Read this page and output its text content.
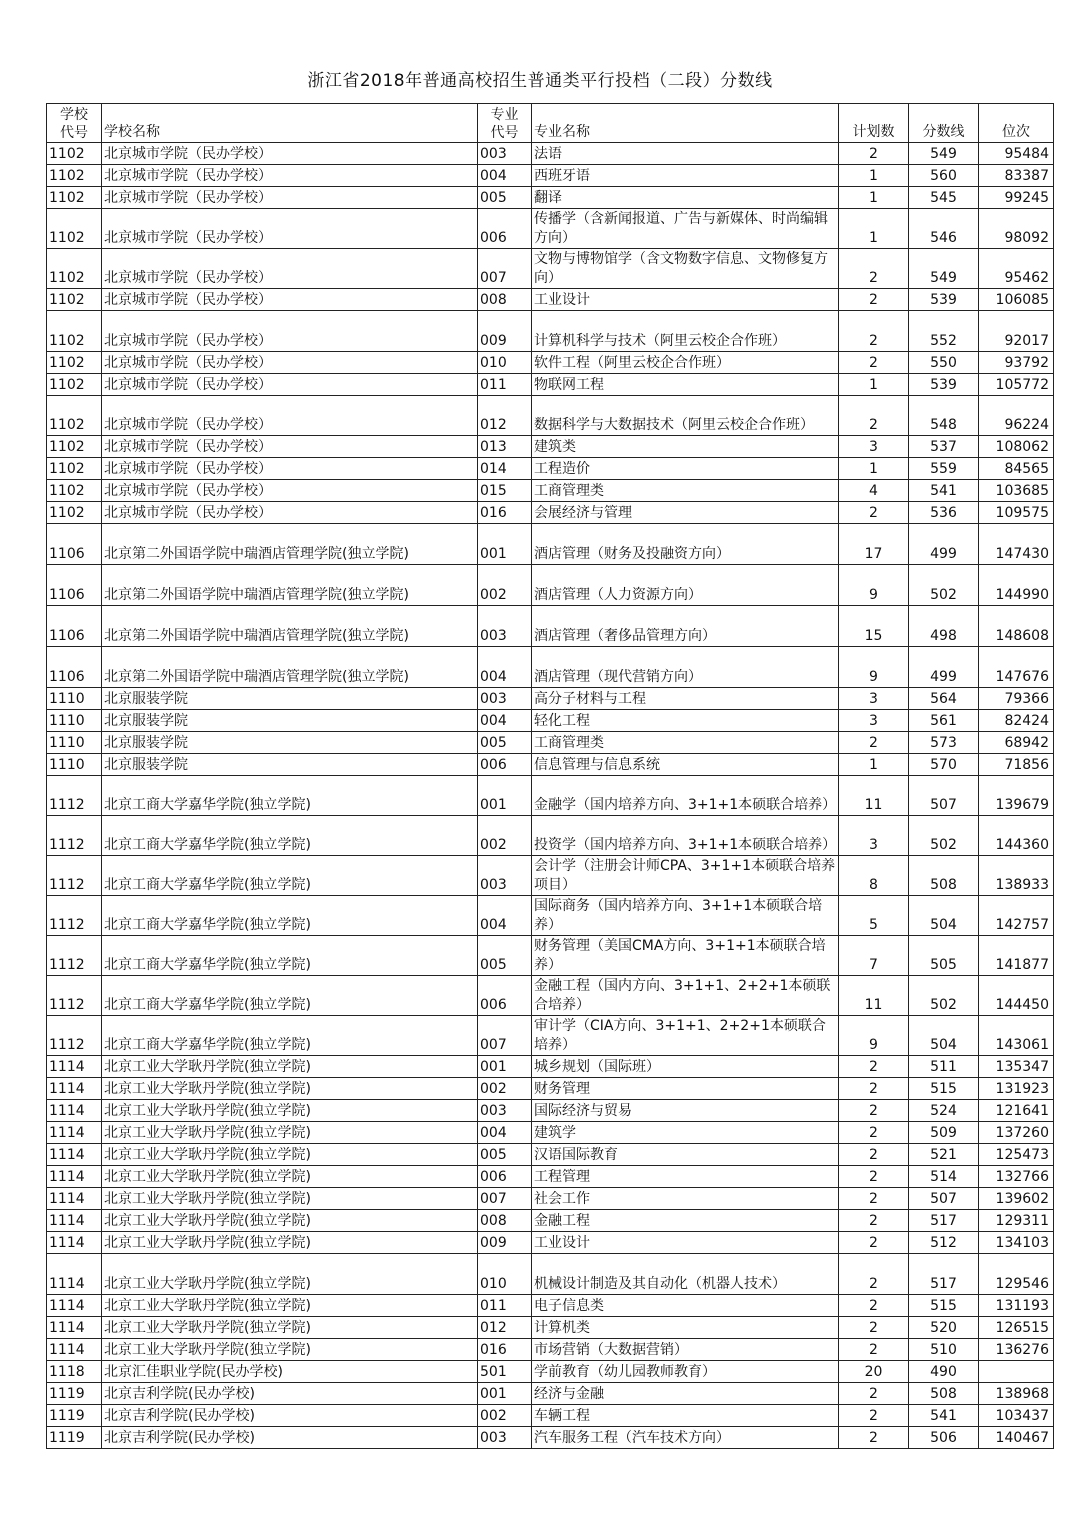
浙江省2018年普通高校招生普通类平行投档（二段）分数线
学校
代号	学校名称	专业
代号	专业名称	计划数	分数线	位次
1102	北京城市学院（民办学校）	003	法语	2	549	95484
1102	北京城市学院（民办学校）	004	西班牙语	1	560	83387
1102	北京城市学院（民办学校）	005	翻译	1	545	99245
1102	北京城市学院（民办学校）	006	传播学（含新闻报道、广告与新媒体、时尚编辑方向）	1	546	98092
1102	北京城市学院（民办学校）	007	文物与博物馆学（含文物数字信息、文物修复方向）	2	549	95462
1102	北京城市学院（民办学校）	008	工业设计	2	539	106085
1102	北京城市学院（民办学校）	009	计算机科学与技术（阿里云校企合作班）	2	552	92017
1102	北京城市学院（民办学校）	010	软件工程（阿里云校企合作班）	2	550	93792
1102	北京城市学院（民办学校）	011	物联网工程	1	539	105772
1102	北京城市学院（民办学校）	012	数据科学与大数据技术（阿里云校企合作班）	2	548	96224
1102	北京城市学院（民办学校）	013	建筑类	3	537	108062
1102	北京城市学院（民办学校）	014	工程造价	1	559	84565
1102	北京城市学院（民办学校）	015	工商管理类	4	541	103685
1102	北京城市学院（民办学校）	016	会展经济与管理	2	536	109575
1106	北京第二外国语学院中瑞酒店管理学院(独立学院)	001	酒店管理（财务及投融资方向）	17	499	147430
1106	北京第二外国语学院中瑞酒店管理学院(独立学院)	002	酒店管理（人力资源方向）	9	502	144990
1106	北京第二外国语学院中瑞酒店管理学院(独立学院)	003	酒店管理（奢侈品管理方向）	15	498	148608
1106	北京第二外国语学院中瑞酒店管理学院(独立学院)	004	酒店管理（现代营销方向）	9	499	147676
1110	北京服装学院	003	高分子材料与工程	3	564	79366
1110	北京服装学院	004	轻化工程	3	561	82424
1110	北京服装学院	005	工商管理类	2	573	68942
1110	北京服装学院	006	信息管理与信息系统	1	570	71856
1112	北京工商大学嘉华学院(独立学院)	001	金融学（国内培养方向、3+1+1本硕联合培养）	11	507	139679
1112	北京工商大学嘉华学院(独立学院)	002	投资学（国内培养方向、3+1+1本硕联合培养）	3	502	144360
1112	北京工商大学嘉华学院(独立学院)	003	会计学（注册会计师CPA、3+1+1本硕联合培养项目）	8	508	138933
1112	北京工商大学嘉华学院(独立学院)	004	国际商务（国内培养方向、3+1+1本硕联合培养）	5	504	142757
1112	北京工商大学嘉华学院(独立学院)	005	财务管理（美国CMA方向、3+1+1本硕联合培养）	7	505	141877
1112	北京工商大学嘉华学院(独立学院)	006	金融工程（国内方向、3+1+1、2+2+1本硕联合培养）	11	502	144450
1112	北京工商大学嘉华学院(独立学院)	007	审计学（CIA方向、3+1+1、2+2+1本硕联合培养）	9	504	143061
1114	北京工业大学耿丹学院(独立学院)	001	城乡规划（国际班）	2	511	135347
1114	北京工业大学耿丹学院(独立学院)	002	财务管理	2	515	131923
1114	北京工业大学耿丹学院(独立学院)	003	国际经济与贸易	2	524	121641
1114	北京工业大学耿丹学院(独立学院)	004	建筑学	2	509	137260
1114	北京工业大学耿丹学院(独立学院)	005	汉语国际教育	2	521	125473
1114	北京工业大学耿丹学院(独立学院)	006	工程管理	2	514	132766
1114	北京工业大学耿丹学院(独立学院)	007	社会工作	2	507	139602
1114	北京工业大学耿丹学院(独立学院)	008	金融工程	2	517	129311
1114	北京工业大学耿丹学院(独立学院)	009	工业设计	2	512	134103
1114	北京工业大学耿丹学院(独立学院)	010	机械设计制造及其自动化（机器人技术）	2	517	129546
1114	北京工业大学耿丹学院(独立学院)	011	电子信息类	2	515	131193
1114	北京工业大学耿丹学院(独立学院)	012	计算机类	2	520	126515
1114	北京工业大学耿丹学院(独立学院)	016	市场营销（大数据营销）	2	510	136276
1118	北京汇佳职业学院(民办学校)	501	学前教育（幼儿园教师教育）	20	490	
1119	北京吉利学院(民办学校)	001	经济与金融	2	508	138968
1119	北京吉利学院(民办学校)	002	车辆工程	2	541	103437
1119	北京吉利学院(民办学校)	003	汽车服务工程（汽车技术方向）	2	506	140467
